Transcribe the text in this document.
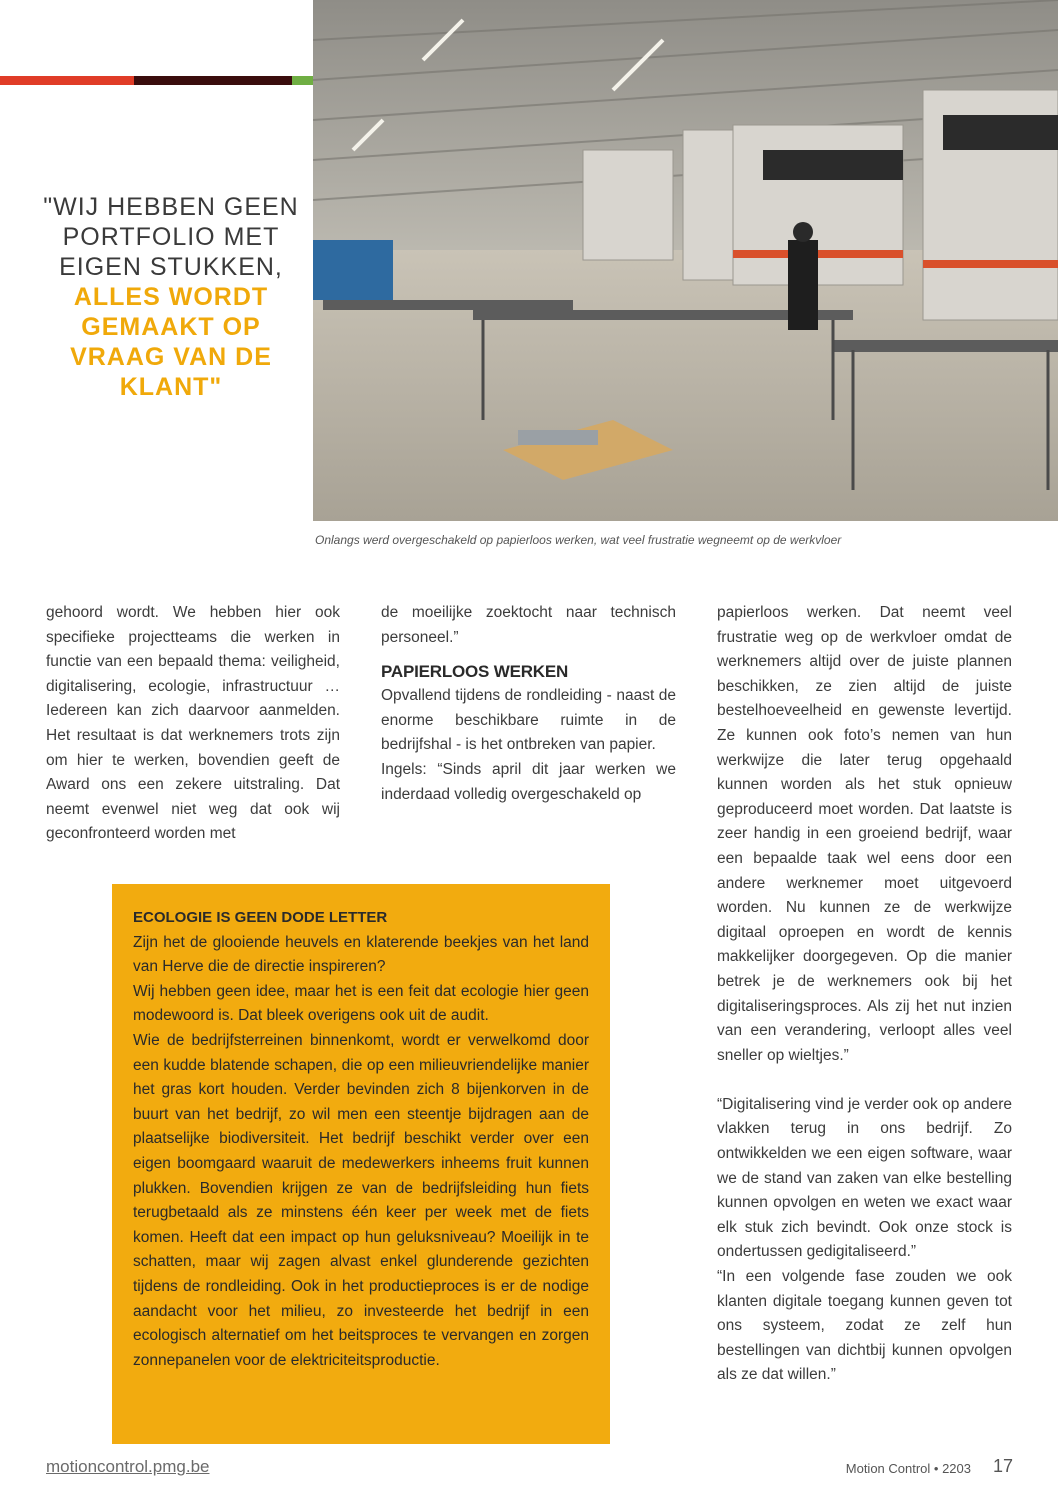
"WIJ HEBBEN GEEN PORTFOLIO MET EIGEN STUKKEN,
ALLES WORDT GEMAAKT OP VRAAG VAN DE KLANT"
Onlangs werd overgeschakeld op papierloos werken, wat veel frustratie wegneemt op de werkvloer

gehoord wordt. We hebben hier ook specifieke projectteams die werken in functie van een bepaald thema: veiligheid, digitalisering, ecologie, infrastructuur … Iedereen kan zich daarvoor aanmelden. Het resultaat is dat werknemers trots zijn om hier te werken, bovendien geeft de Award ons een zekere uitstraling. Dat neemt evenwel niet weg dat ook wij geconfronteerd worden met

de moeilijke zoektocht naar technisch personeel.”

PAPIERLOOS WERKEN

Opvallend tijdens de rondleiding - naast de enorme beschikbare ruimte in de bedrijfshal - is het ontbreken van papier.

Ingels: “Sinds april dit jaar werken we inderdaad volledig overgeschakeld op

papierloos werken. Dat neemt veel frustratie weg op de werkvloer omdat de werknemers altijd over de juiste plannen beschikken, ze zien altijd de juiste bestelhoeveelheid en gewenste levertijd. Ze kunnen ook foto’s nemen van hun werkwijze die later terug opgehaald kunnen worden als het stuk opnieuw geproduceerd moet worden. Dat laatste is zeer handig in een groeiend bedrijf, waar een bepaalde taak wel eens door een andere werknemer moet uitgevoerd worden. Nu kunnen ze de werkwijze digitaal oproepen en wordt de kennis makkelijker doorgegeven. Op die manier betrek je de werknemers ook bij het digitaliseringsproces. Als zij het nut inzien van een verandering, verloopt alles veel sneller op wieltjes.”

“Digitalisering vind je verder ook op andere vlakken terug in ons bedrijf. Zo ontwikkelden we een eigen software, waar we de stand van zaken van elke bestelling kunnen opvolgen en weten we exact waar elk stuk zich bevindt. Ook onze stock is ondertussen gedigitaliseerd.”

“In een volgende fase zouden we ook klanten digitale toegang kunnen geven tot ons systeem, zodat ze zelf hun bestellingen van dichtbij kunnen opvolgen als ze dat willen.”

ECOLOGIE IS GEEN DODE LETTER

Zijn het de glooiende heuvels en klaterende beekjes van het land van Herve die de directie inspireren?

Wij hebben geen idee, maar het is een feit dat ecologie hier geen modewoord is. Dat bleek overigens ook uit de audit.

Wie de bedrijfsterreinen binnenkomt, wordt er verwelkomd door een kudde blatende schapen, die op een milieuvriendelijke manier het gras kort houden. Verder bevinden zich 8 bijenkorven in de buurt van het bedrijf, zo wil men een steentje bijdragen aan de plaatselijke biodiversiteit. Het bedrijf beschikt verder over een eigen boomgaard waaruit de medewerkers inheems fruit kunnen plukken. Bovendien krijgen ze van de bedrijfsleiding hun fiets terugbetaald als ze minstens één keer per week met de fiets komen. Heeft dat een impact op hun geluksniveau? Moeilijk in te schatten, maar wij zagen alvast enkel glunderende gezichten tijdens de rondleiding. Ook in het productieproces is er de nodige aandacht voor het milieu, zo investeerde het bedrijf in een ecologisch alternatief om het beitsproces te vervangen en zorgen zonnepanelen voor de elektriciteitsproductie.

motioncontrol.pmg.be	Motion Control • 2203 17
